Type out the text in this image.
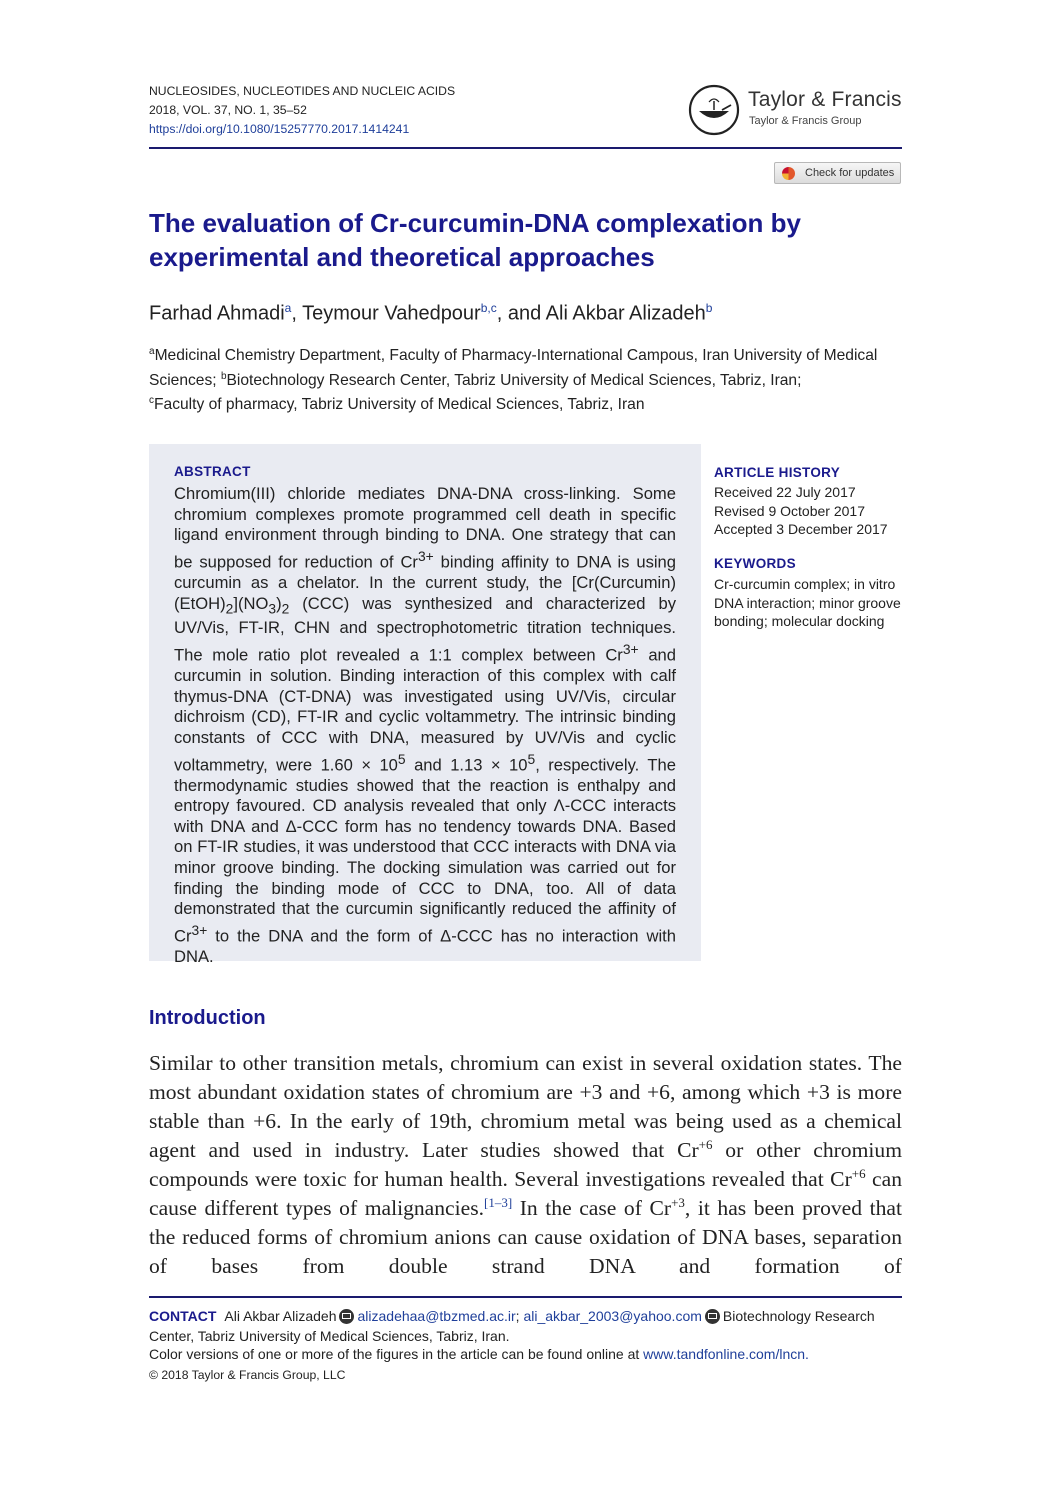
NUCLEOSIDES, NUCLEOTIDES AND NUCLEIC ACIDS
2018, VOL. 37, NO. 1, 35–52
https://doi.org/10.1080/15257770.2017.1414241
Taylor & Francis
Taylor & Francis Group
Check for updates
The evaluation of Cr-curcumin-DNA complexation by experimental and theoretical approaches
Farhad Ahmadi$^a$, Teymour Vahedpour$^{b,c}$, and Ali Akbar Alizadeh$^b$
$^a$Medicinal Chemistry Department, Faculty of Pharmacy-International Campous, Iran University of Medical Sciences; $^b$Biotechnology Research Center, Tabriz University of Medical Sciences, Tabriz, Iran;
$^c$Faculty of pharmacy, Tabriz University of Medical Sciences, Tabriz, Iran
ABSTRACT
Chromium(III) chloride mediates DNA-DNA cross-linking. Some chromium complexes promote programmed cell death in specific ligand environment through binding to DNA. One strategy that can be supposed for reduction of $Cr^{3+}$ binding affinity to DNA is using curcumin as a chelator. In the current study, the $[Cr(Curcumin)(EtOH)_2](NO_3)_2$ (CCC) was synthesized and characterized by UV/Vis, FT-IR, CHN and spectrophotometric titration techniques. The mole ratio plot revealed a 1:1 complex between $Cr^{3+}$ and curcumin in solution. Binding interaction of this complex with calf thymus-DNA (CT-DNA) was investigated using UV/Vis, circular dichroism (CD), FT-IR and cyclic voltammetry. The intrinsic binding constants of CCC with DNA, measured by UV/Vis and cyclic voltammetry, were $1.60 \times 10^5$ and $1.13 \times 10^5$, respectively. The thermodynamic studies showed that the reaction is enthalpy and entropy favoured. CD analysis revealed that only Λ-CCC interacts with DNA and Δ-CCC form has no tendency towards DNA. Based on FT-IR studies, it was understood that CCC interacts with DNA via minor groove binding. The docking simulation was carried out for finding the binding mode of CCC to DNA, too. All of data demonstrated that the curcumin significantly reduced the affinity of $Cr^{3+}$ to the DNA and the form of Δ-CCC has no interaction with DNA.
ARTICLE HISTORY
Received 22 July 2017
Revised 9 October 2017
Accepted 3 December 2017
KEYWORDS
Cr-curcumin complex; in vitro DNA interaction; minor groove bonding; molecular docking
Introduction
Similar to other transition metals, chromium can exist in several oxidation states. The most abundant oxidation states of chromium are +3 and +6, among which +3 is more stable than +6. In the early of 19th, chromium metal was being used as a chemical agent and used in industry. Later studies showed that $Cr^{+6}$ or other chromium compounds were toxic for human health. Several investigations revealed that $Cr^{+6}$ can cause different types of malignancies.[1–3] In the case of $Cr^{+3}$, it has been proved that the reduced forms of chromium anions can cause oxidation of DNA bases, separation of bases from double strand DNA and formation of
CONTACT Ali Akbar Alizadeh alizadehaa@tbzmed.ac.ir; ali_akbar_2003@yahoo.com Biotechnology Research Center, Tabriz University of Medical Sciences, Tabriz, Iran.
Color versions of one or more of the figures in the article can be found online at www.tandfonline.com/lncn.
© 2018 Taylor & Francis Group, LLC
